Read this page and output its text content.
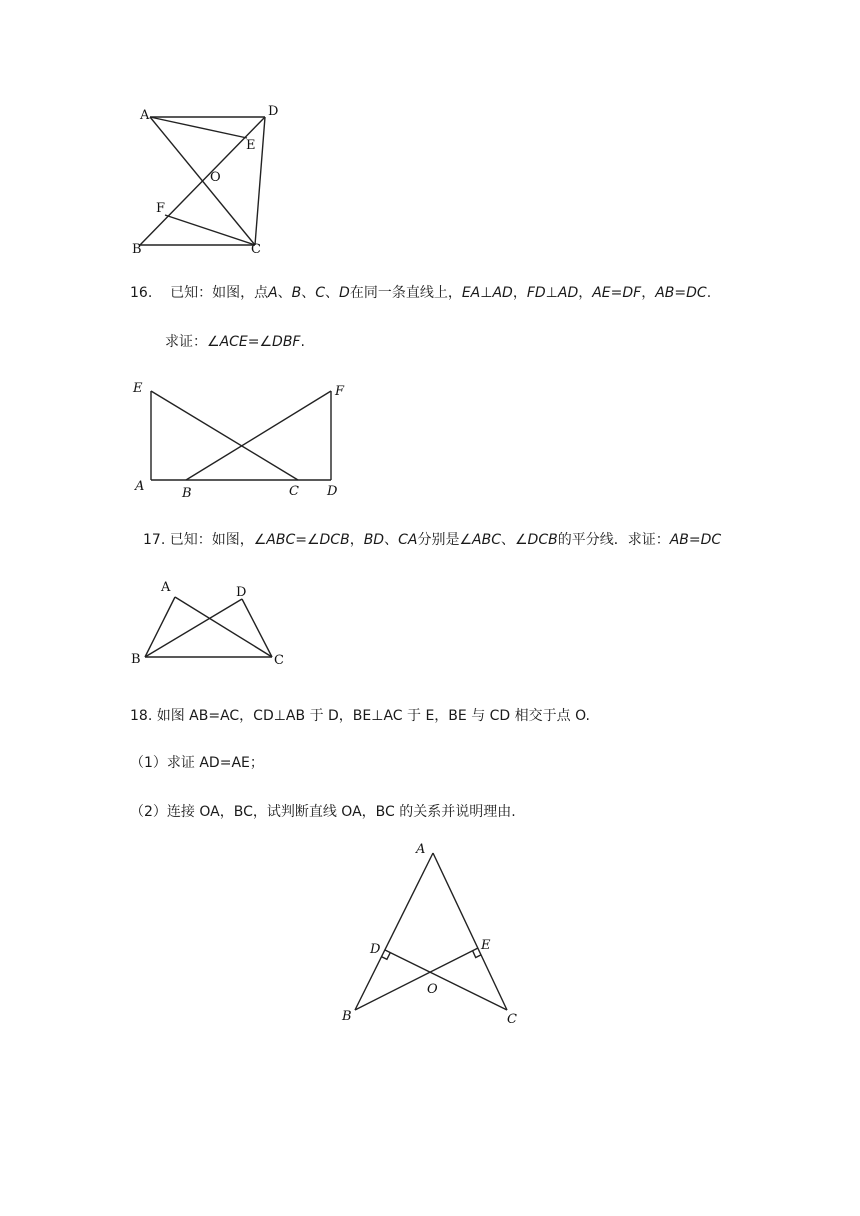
A	D
E
O
F
B	C
16. 已知：如图，点A、B、C、D在同一条直线上，EA⊥AD，FD⊥AD，AE=DF，AB=DC.
求证：∠ACE=∠DBF.
E	F
A	B	C D
17. 已知：如图，∠ABC=∠DCB，BD、CA分别是∠ABC、∠DCB的平分线．求证：AB=DC
A	D
B	C
18. 如图 AB=AC，CD⊥AB 于 D，BE⊥AC 于 E，BE 与 CD 相交于点 O.
（1）求证 AD=AE；
（2）连接 OA，BC，试判断直线 OA，BC 的关系并说明理由.
A
D	E
O
B	C
